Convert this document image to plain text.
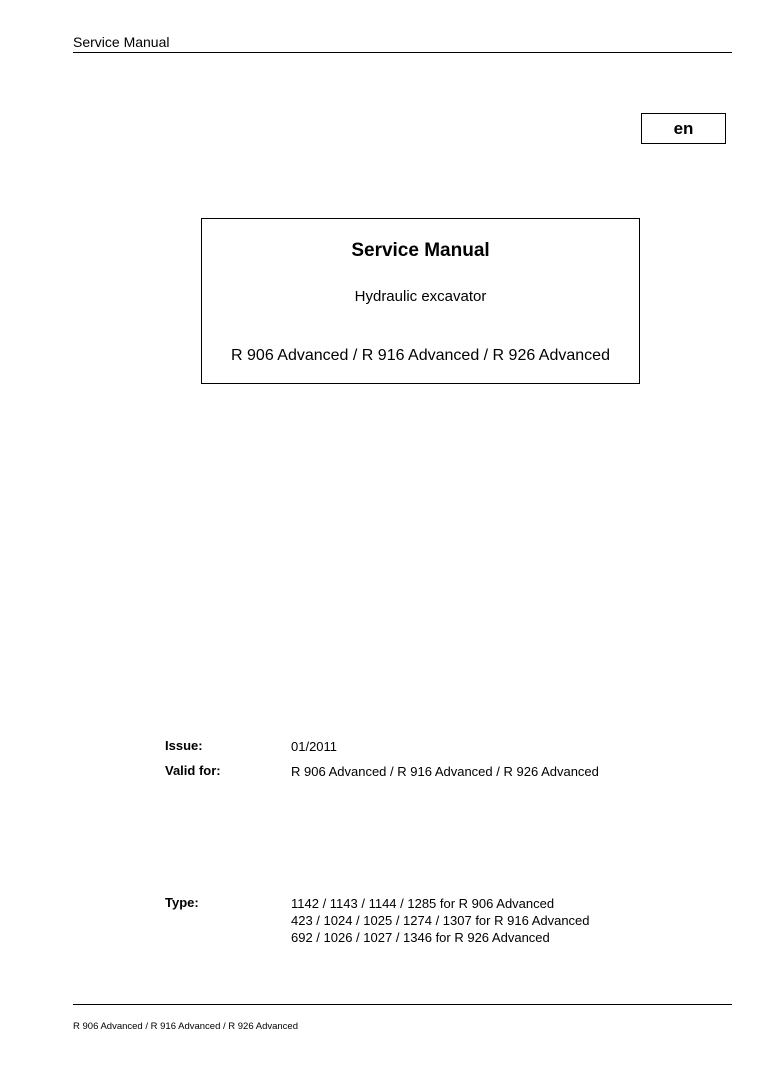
Service Manual
en
Service Manual
Hydraulic excavator
R 906 Advanced / R 916 Advanced / R 926 Advanced
Issue:	01/2011
Valid for:	R 906 Advanced / R 916 Advanced / R 926 Advanced
Type:	1142 / 1143 / 1144 / 1285 for R 906 Advanced
423 / 1024 / 1025 / 1274 / 1307 for R 916 Advanced
692 / 1026 / 1027 / 1346 for R 926 Advanced
R 906 Advanced / R 916 Advanced / R 926 Advanced
